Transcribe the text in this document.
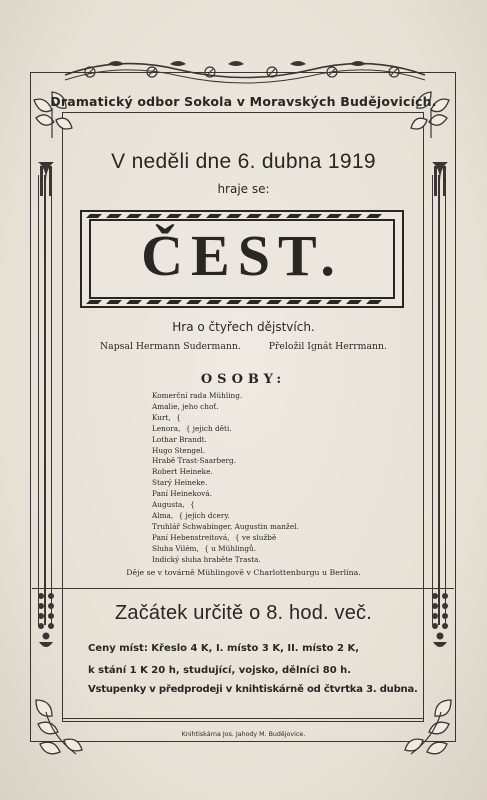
Dramatický odbor Sokola v Moravských Budějovicích.
V neděli dne 6. dubna 1919
hraje se:
ČEST.
Hra o čtyřech dějstvích.
Napsal Hermann Sudermann.	Přeložil Ignát Herrmann.
OSOBY:
Komerční rada Mühling.
Amalie, jeho choť.
Kurt, {
Lenora, { jejich děti.
Lothar Brandt.
Hugo Stengel.
Hrabě Trast-Saarberg.
Robert Heineke.
Starý Heineke.
Paní Heineková.
Augusta, {
Alma, { jejich dcery.
Truhlář Schwabinger, Augustin manžel.
Paní Hebenstreitová, { ve službě
Sluha Vilém, { u Mühlingů.
Indický sluha hraběte Trasta.
Děje se v továrně Mühlingově v Charlottenburgu u Berlína.
Začátek určitě o 8. hod. več.
Ceny míst: Křeslo 4 K, I. místo 3 K, II. místo 2 K,
k stání 1 K 20 h, studující, vojsko, dělníci 80 h.
Vstupenky v předprodeji v knihtiskárně od čtvrtka 3. dubna.
Knihtiskárna Jos. Jahody M. Budějovice.
